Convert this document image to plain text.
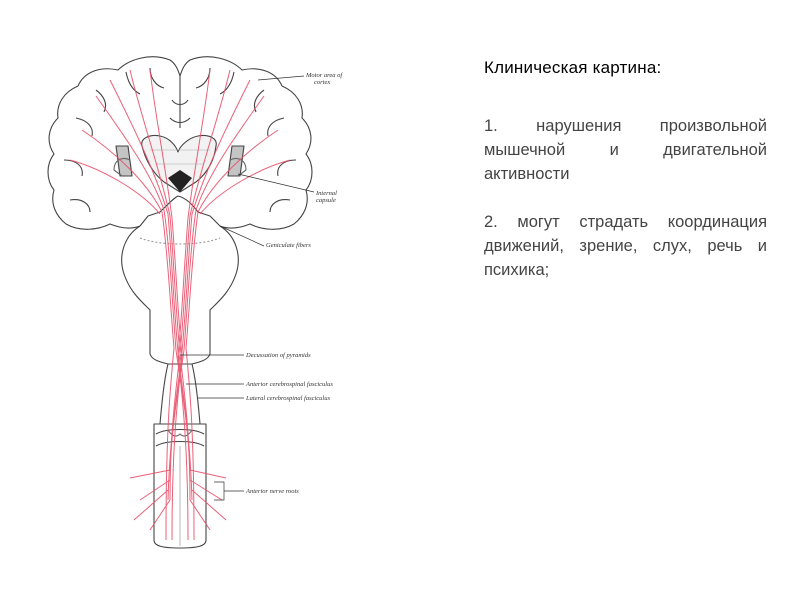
Motor area of
cortex
Internal
capsule
Geniculate fibers
Decussation of pyramids
Anterior cerebrospinal fasciculus
Lateral cerebrospinal fasciculus
Anterior nerve roots
Клиническая картина:
1. нарушения произвольной мышечной и двигательной активности
2. могут страдать координация движений, зрение, слух, речь и психика;
